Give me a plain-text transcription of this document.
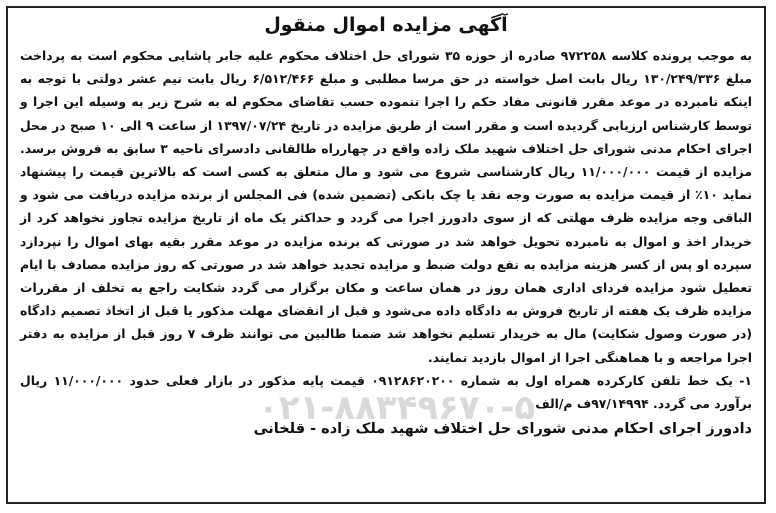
آگهی مزایده اموال منقول

به موجب پرونده کلاسه ۹۷۲۲۵۸ صادره از حوزه ۳۵ شورای حل اختلاف محکوم علیه جابر پاشایی محکوم است به پرداخت مبلغ ۱۳۰/۲۴۹/۳۳۶ ریال بابت اصل خواسته در حق مرسا مطلبی و مبلغ ۶/۵۱۲/۴۶۶ ریال بابت نیم عشر دولتی با توجه به اینکه نامبرده در موعد مقرر قانونی مفاد حکم را اجرا ننموده حسب تقاضای محکوم له به شرح زیر به وسیله این اجرا و توسط کارشناس ارزیابی گردیده است و مقرر است از طریق مزایده در تاریخ ۱۳۹۷/۰۷/۲۴ از ساعت ۹ الی ۱۰ صبح در محل اجرای احکام مدنی شورای حل اختلاف شهید ملک زاده واقع در چهارراه طالقانی دادسرای ناحیه ۳ سابق به فروش برسد. مزایده از قیمت ۱۱/۰۰۰/۰۰۰ ریال کارشناسی شروع می شود و مال متعلق به کسی است که بالاترین قیمت را پیشنهاد نماید ۱۰٪ از قیمت مزایده به صورت وجه نقد یا چک بانکی (تضمین شده) فی المجلس از برنده مزایده دریافت می شود و الباقی وجه مزایده ظرف مهلتی که از سوی دادورز اجرا می گردد و حداکثر یک ماه از تاریخ مزایده تجاوز نخواهد کرد از خریدار اخذ و اموال به نامبرده تحویل خواهد شد در صورتی که برنده مزایده در موعد مقرر بقیه بهای اموال را نپردازد سپرده او پس از کسر هزینه مزایده به نفع دولت ضبط و مزایده تجدید خواهد شد در صورتی که روز مزایده مصادف با ایام تعطیل شود مزایده فردای اداری همان روز در همان ساعت و مکان برگزار می گردد شکایت راجع به تخلف از مقررات مزایده ظرف یک هفته از تاریخ فروش به دادگاه داده می‌شود و قبل از انقضای مهلت مذکور یا قبل از اتخاذ تصمیم دادگاه (در صورت وصول شکایت) مال به خریدار تسلیم نخواهد شد ضمنا طالبین می توانند ظرف ۷ روز قبل از مزایده به دفتر اجرا مراجعه و با هماهنگی اجرا از اموال بازدید نمایند.

۱- یک خط تلفن کارکرده همراه اول به شماره ۰۹۱۲۸۶۲۰۲۰۰ قیمت پایه مذکور در بازار فعلی حدود ۱۱/۰۰۰/۰۰۰ ریال برآورد می گردد. ۹۷/۱۴۹۹۴ف م/الف

دادورز اجرای احکام مدنی شورای حل اختلاف شهید ملک زاده - قلخانی

۰۲۱-۸۸۳۴۹۶۷۰-۵
